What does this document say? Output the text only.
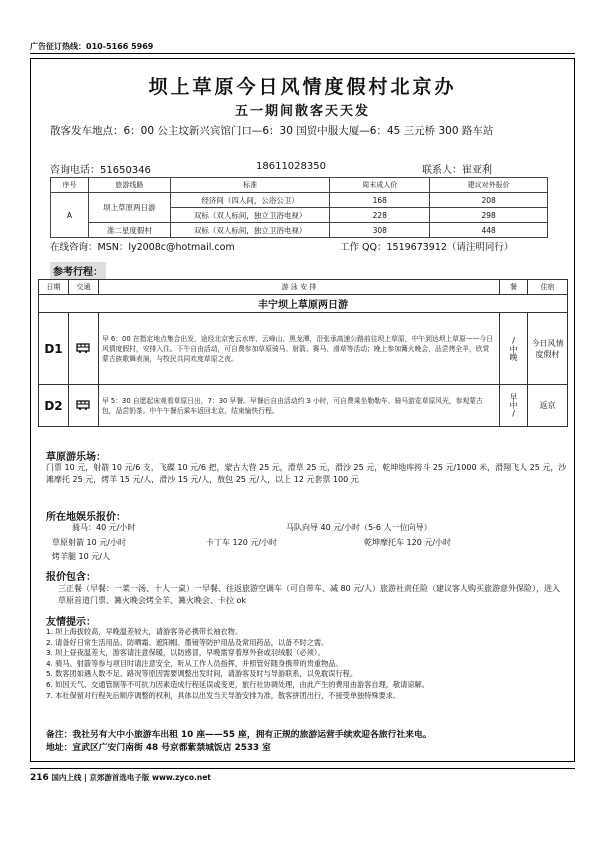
广告征订热线：010-5166 5969
坝上草原今日风情度假村北京办
五一期间散客天天发
散客发车地点：6：00 公主坟新兴宾馆门口—6：30 国贸中服大厦—6：45 三元桥 300 路车站
咨询电话：51650346	18611028350	联系人：崔亚利
序号	旅游线路	标准	周末成人价	建议对外报价
A	坝上草原两日游	经济间（四人间，公浴公卫）	168	208
		双标（双人标间，独立卫浴电视）	228	298
	准二星度假村	双标（双人标间，独立卫浴电视）	308	448
在线咨询：MSN：ly2008c@hotmail.com	工作 QQ：1519673912（请注明同行）
参考行程：
日期	交通	游 泳 安 排	餐	住宿
丰宁坝上草原两日游				
D1		早 6：00 在指定地点集合出发，途经北京密云水库、云峰山、黑龙潭，沿张承高速公路前往坝上草原，中午到达坝上草原——今日风情度假村，安排入住。下午自由活动，可自费参加草原骑马、射箭、赛马、滑草等活动；晚上参加篝火晚会，品尝烤全羊，欣赏蒙古族歌舞表演，与牧民共同欢度草原之夜。	/中晚	今日风情度假村
D2		早 5：30 自愿起床观看草原日出，7：30 早餐。早餐后自由活动约 3 小时，可自费乘坐勒勒车、骑马游览草原风光，参观蒙古包，品尝奶茶。中午午餐后乘车返回北京，结束愉快行程。	早中/	返京
草原游乐场：
门票 10 元，射箭 10 元/6 支，飞碟 10 元/6 把，蒙古大营 25 元，滑草 25 元，滑沙 25 元，乾坤地库挎斗 25 元/1000 米，滑翔飞人 25 元，沙滩摩托 25 元，烤羊 15 元/人，滑沙 15 元/人，敖包 25 元/人，以上 12 元套票 100 元
所在地娱乐报价：
骑马：40 元/小时	马队向导 40 元/小时（5-6 人一位向导）
卡丁车 120 元/小时	乾坤摩托车 120 元/小时
草原射箭 10 元/小时
烤羊腿 10 元/人
报价包含：
三正餐（早餐：一菜一汤、十人一桌）一早餐、往返旅游空调车（可自带车、减 80 元/人）旅游社责任险（建议客人购买旅游意外保险），进入草原首道门票、篝火晚会烤全羊、篝火晚会、卡拉 ok
友情提示：
1. 坝上海拔较高，早晚温差较大，请游客务必携带长袖衣物。
2. 请备好日常生活用品、防晒霜、遮阳帽、墨镜等防护用品及常用药品，以备不时之需。
3. 坝上昼夜温差大，游客请注意保暖，以防感冒，早晚需穿着厚外套或羽绒服（必须）。
4. 骑马、射箭等参与项目时请注意安全，听从工作人员指挥，并照管好随身携带的贵重物品。
5. 数客团如遇人数不足、路况等原因需要调整出发时间，请游客及时与导游联系，以免耽误行程。
6. 如因天气、交通管制等不可抗力因素造成行程延误或变更，旅行社协调处理，由此产生的费用由游客自理，敬请谅解。
7. 本社保留对行程先后顺序调整的权利，具体以出发当天导游安排为准，散客拼团出行，不接受单独特殊要求。
备注：我社另有大中小旅游车出租 10 座——55 座，拥有正规的旅游运营手续欢迎各旅行社来电。
地址：宣武区广安门南街 48 号京都紫禁城饭店 2533 室
216 国内上线 | 京郊游首选电子版 www.zyco.net
